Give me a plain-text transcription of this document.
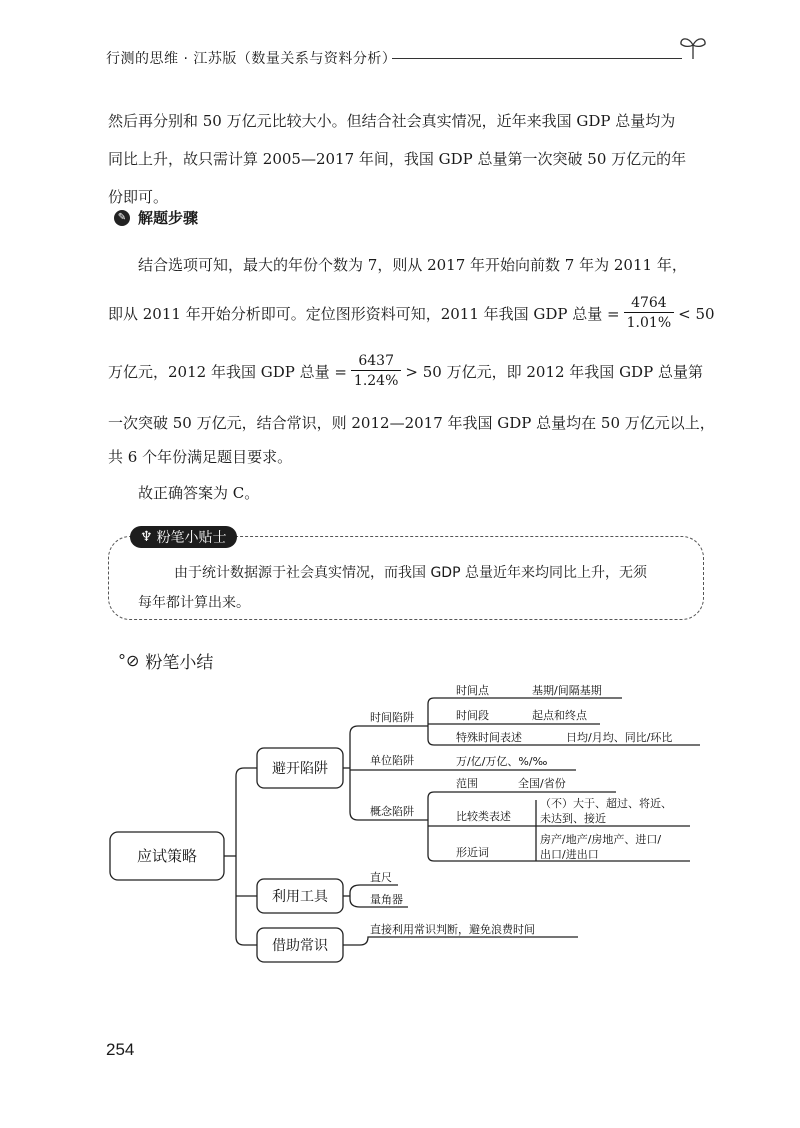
行测的思维 · 江苏版（数量关系与资料分析）
然后再分别和 50 万亿元比较大小。但结合社会真实情况，近年来我国 GDP 总量均为
同比上升，故只需计算 2005—2017 年间，我国 GDP 总量第一次突破 50 万亿元的年
份即可。
✎ 解题步骤
结合选项可知，最大的年份个数为 7，则从 2017 年开始向前数 7 年为 2011 年，
即从 2011 年开始分析即可。定位图形资料可知，2011 年我国 GDP 总量 = $\frac{4764}{1.01\%} < 50$
万亿元，2012 年我国 GDP 总量 = $\frac{6437}{1.24\%} > 50$ 万亿元，即 2012 年我国 GDP 总量第
一次突破 50 万亿元，结合常识，则 2012—2017 年我国 GDP 总量均在 50 万亿元以上，
共 6 个年份满足题目要求。
故正确答案为 C。
♆ 粉笔小贴士
由于统计数据源于社会真实情况，而我国 GDP 总量近年来均同比上升，无须
每年都计算出来。
°⊘ 粉笔小结
应试策略
避开陷阱
利用工具
借助常识
时间陷阱
单位陷阱
概念陷阱
时间点	基期/间隔基期
时间段	起点和终点
特殊时间表述	日均/月均、同比/环比
万/亿/万亿、%/‰
范围	全国/省份
比较类表述
（不）大于、超过、将近、
未达到、接近
形近词
房产/地产/房地产、进口/
出口/进出口
直尺
量角器
直接利用常识判断，避免浪费时间
254
